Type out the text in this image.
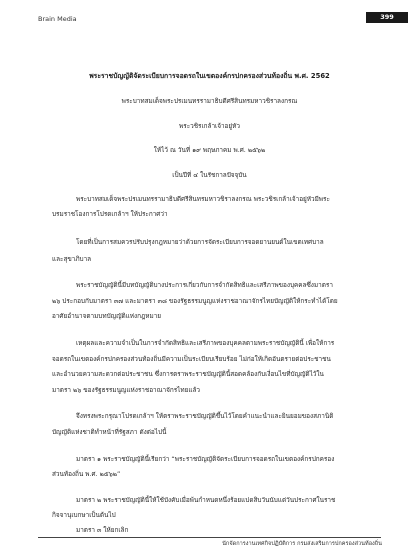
Brain Media	399
พระราชบัญญัติจัดระเบียบการจอดรถในเขตองค์กรปกครองส่วนท้องถิ่น พ.ศ. 2562
พระบาทสมเด็จพระปรเมนทรรามาธิบดีศรีสินทรมหาวชิราลงกรณ
พระวชิรเกล้าเจ้าอยู่หัว
ให้ไว้ ณ วันที่ ๑๙ พฤษภาคม พ.ศ. ๒๕๖๒
เป็นปีที่ ๔ ในรัชกาลปัจจุบัน
พระบาทสมเด็จพระปรเมนทรรามาธิบดีศรีสินทรมหาวชิราลงกรณ พระวชิรเกล้าเจ้าอยู่หัวมีพระ
บรมราชโองการโปรดเกล้าฯ ให้ประกาศว่า
โดยที่เป็นการสมควรปรับปรุงกฎหมายว่าด้วยการจัดระเบียบการจอดยานยนต์ในเขตเทศบาล
และสุขาภิบาล
พระราชบัญญัตินี้มีบทบัญญัติบางประการเกี่ยวกับการจำกัดสิทธิและเสรีภาพของบุคคลซึ่งมาตรา
๒๖ ประกอบกับมาตรา ๓๗ และมาตรา ๓๘ ของรัฐธรรมนูญแห่งราชอาณาจักรไทยบัญญัติให้กระทำได้โดย
อาศัยอำนาจตามบทบัญญัติแห่งกฎหมาย
เหตุผลและความจำเป็นในการจำกัดสิทธิและเสรีภาพของบุคคลตามพระราชบัญญัตินี้ เพื่อให้การ
จอดรถในเขตองค์กรปกครองส่วนท้องถิ่นมีความเป็นระเบียบเรียบร้อย ไม่ก่อให้เกิดอันตรายต่อประชาชน
และอำนวยความสะดวกต่อประชาชน ซึ่งการตราพระราชบัญญัตินี้สอดคล้องกับเงื่อนไขที่บัญญัติไว้ใน
มาตรา ๒๖ ของรัฐธรรมนูญแห่งราชอาณาจักรไทยแล้ว
จึงทรงพระกรุณาโปรดเกล้าฯ ให้ตราพระราชบัญญัติขึ้นไว้โดยคำแนะนำและยินยอมของสภานิติ
บัญญัติแห่งชาติทำหน้าที่รัฐสภา ดังต่อไปนี้
มาตรา ๑ พระราชบัญญัตินี้เรียกว่า “พระราชบัญญัติจัดระเบียบการจอดรถในเขตองค์กรปกครอง
ส่วนท้องถิ่น พ.ศ. ๒๕๖๒”
มาตรา ๒ พระราชบัญญัตินี้ให้ใช้บังคับเมื่อพ้นกำหนดหนึ่งร้อยแปดสิบวันนับแต่วันประกาศในราช
กิจจานุเบกษาเป็นต้นไป
มาตรา ๓ ให้ยกเลิก
นักจัดการงานเทศกิจปฏิบัติการ กรมส่งเสริมการปกครองส่วนท้องถิ่น
